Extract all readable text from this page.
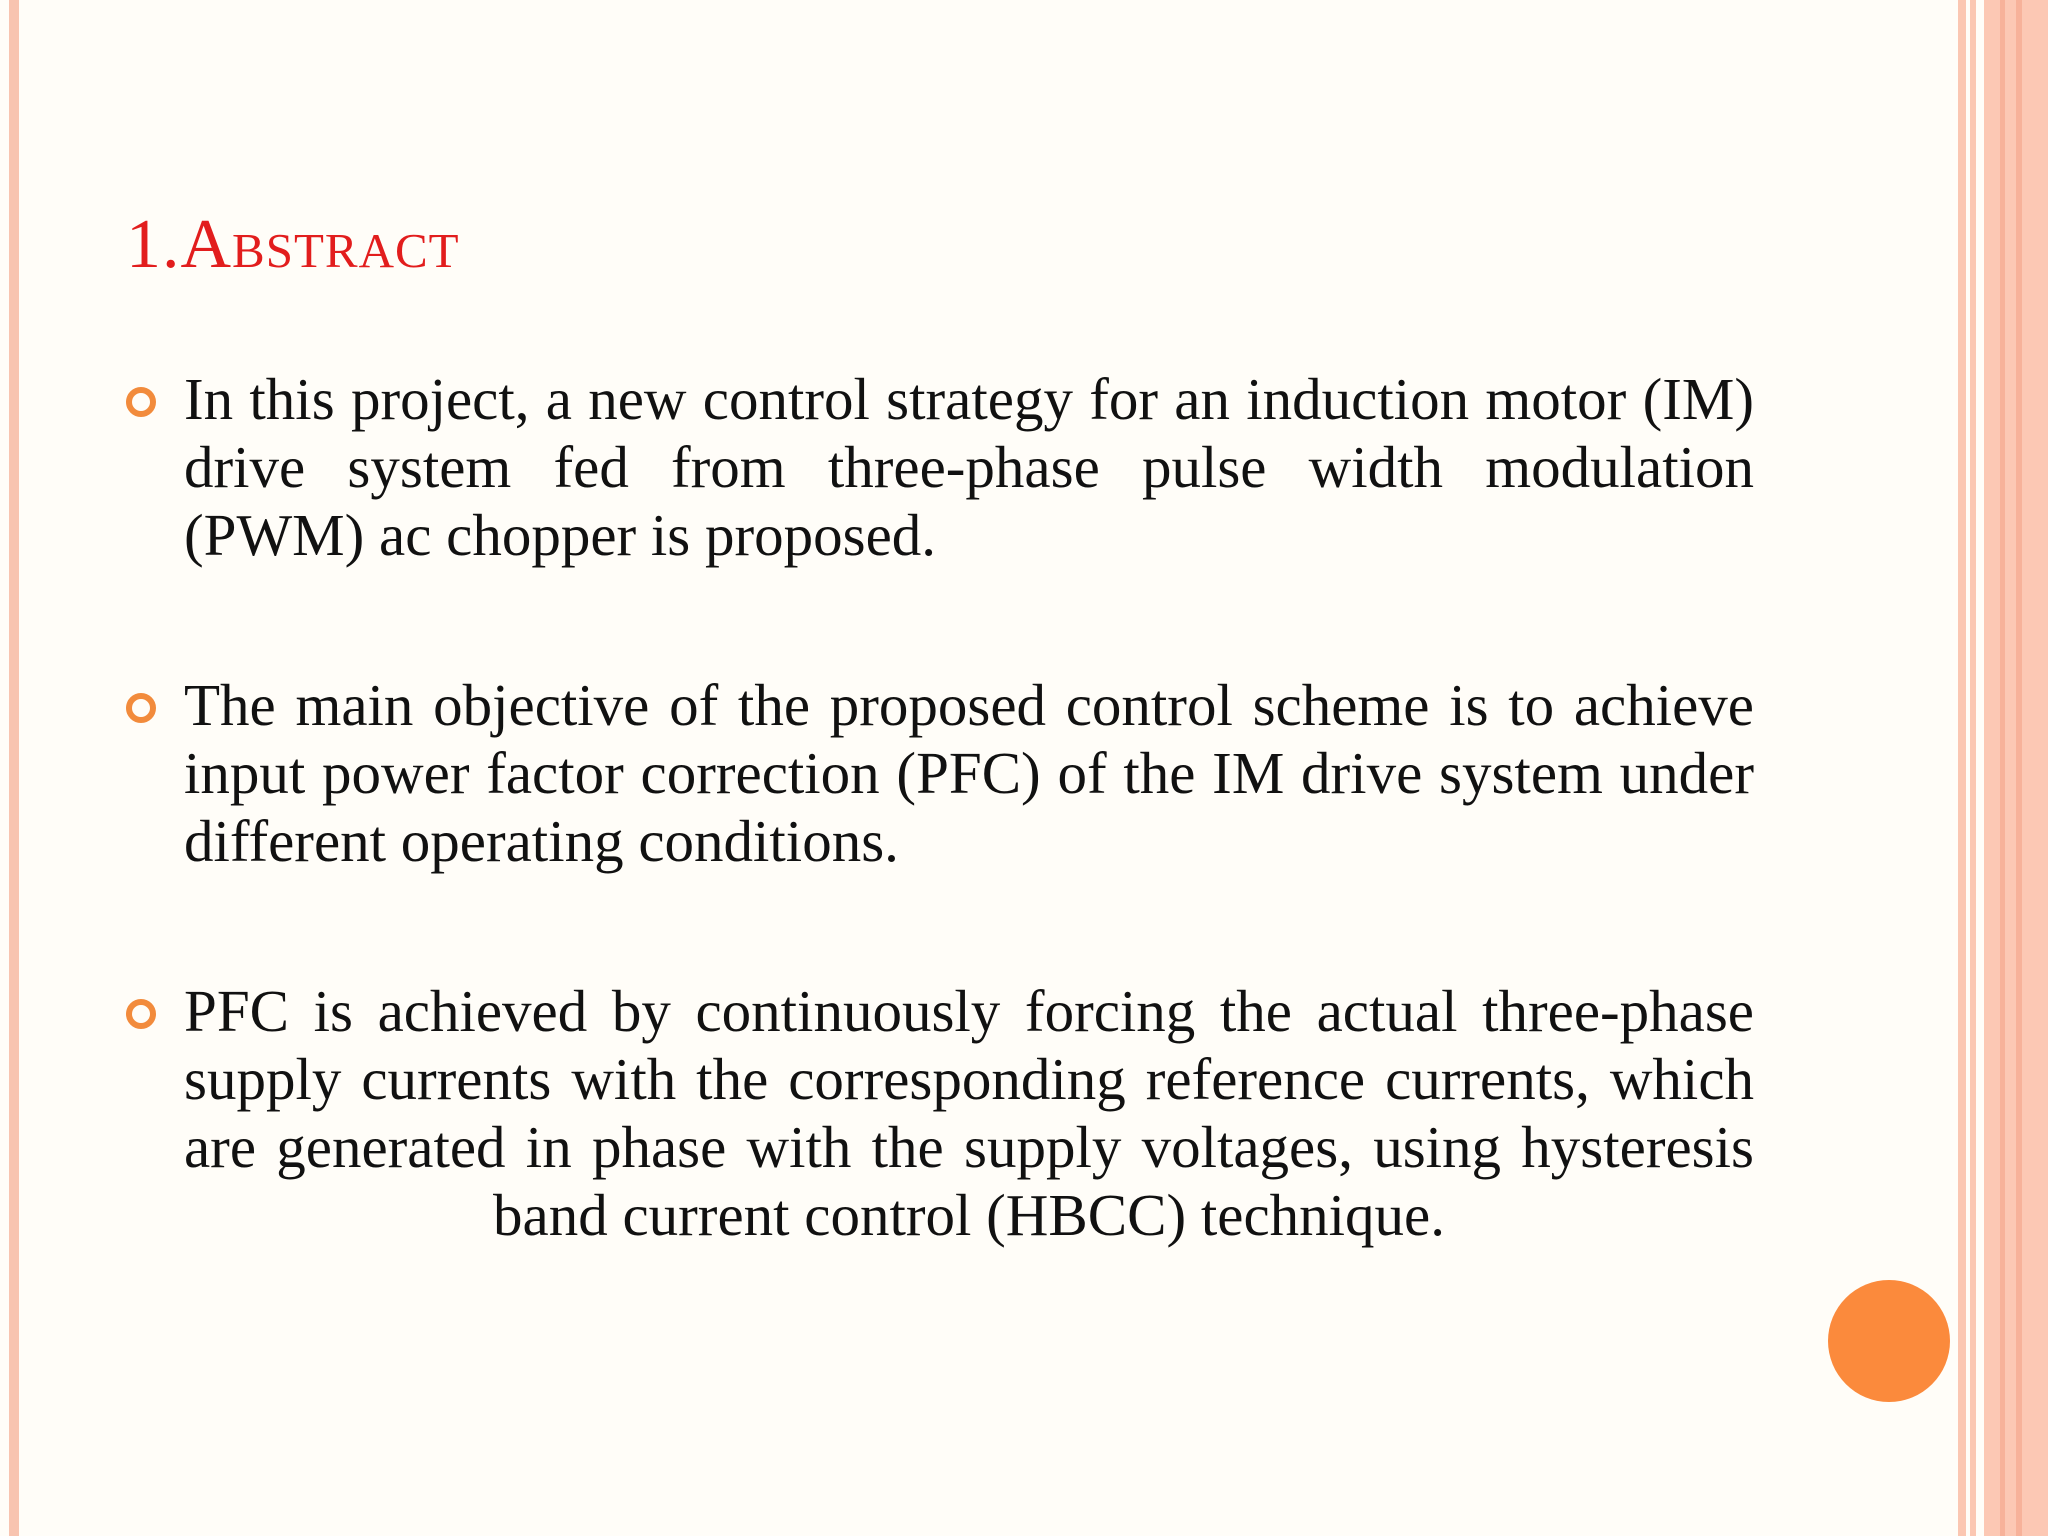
1.Abstract
In this project, a new control strategy for an induction motor (IM) drive system fed from three-phase pulse width modulation (PWM) ac chopper is proposed.
The main objective of the proposed control scheme is to achieve input power factor correction (PFC) of the IM drive system under different operating conditions.
PFC is achieved by continuously forcing the actual three-phase supply currents with the corresponding reference currents, which are generated in phase with the supply voltages, using hysteresis band current control (HBCC) technique.
